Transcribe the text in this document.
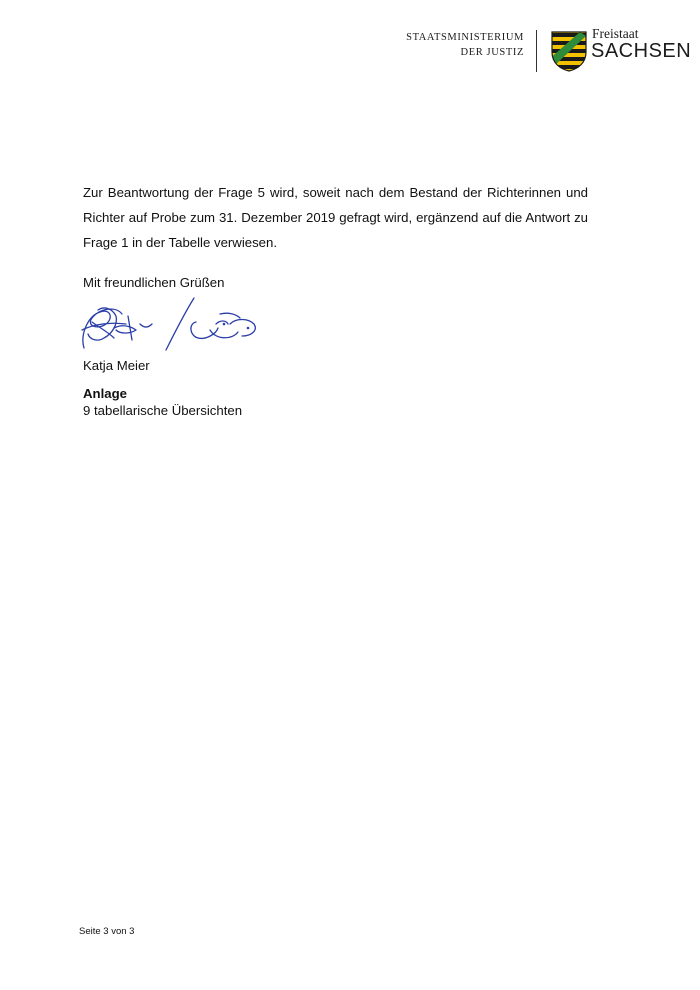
STAATSMINISTERIUM
DER JUSTIZ
Freistaat
SACHSEN
Zur Beantwortung der Frage 5 wird, soweit nach dem Bestand der Richterinnen und Richter auf Probe zum 31. Dezember 2019 gefragt wird, ergänzend auf die Antwort zu Frage 1 in der Tabelle verwiesen.
Mit freundlichen Grüßen
Katja Meier
Anlage
9 tabellarische Übersichten
Seite 3 von 3
